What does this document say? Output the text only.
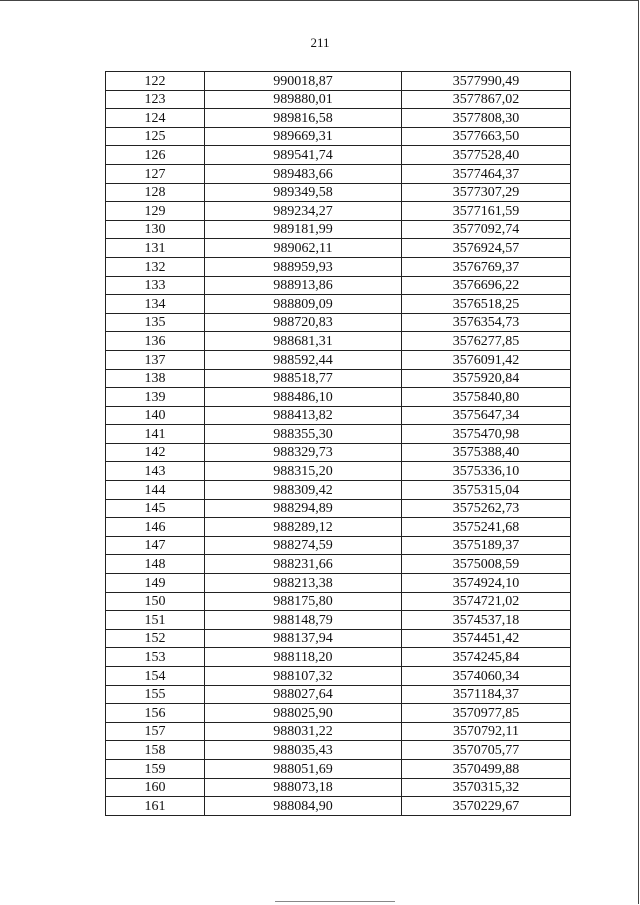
211
122	990018,87	3577990,49
123	989880,01	3577867,02
124	989816,58	3577808,30
125	989669,31	3577663,50
126	989541,74	3577528,40
127	989483,66	3577464,37
128	989349,58	3577307,29
129	989234,27	3577161,59
130	989181,99	3577092,74
131	989062,11	3576924,57
132	988959,93	3576769,37
133	988913,86	3576696,22
134	988809,09	3576518,25
135	988720,83	3576354,73
136	988681,31	3576277,85
137	988592,44	3576091,42
138	988518,77	3575920,84
139	988486,10	3575840,80
140	988413,82	3575647,34
141	988355,30	3575470,98
142	988329,73	3575388,40
143	988315,20	3575336,10
144	988309,42	3575315,04
145	988294,89	3575262,73
146	988289,12	3575241,68
147	988274,59	3575189,37
148	988231,66	3575008,59
149	988213,38	3574924,10
150	988175,80	3574721,02
151	988148,79	3574537,18
152	988137,94	3574451,42
153	988118,20	3574245,84
154	988107,32	3574060,34
155	988027,64	3571184,37
156	988025,90	3570977,85
157	988031,22	3570792,11
158	988035,43	3570705,77
159	988051,69	3570499,88
160	988073,18	3570315,32
161	988084,90	3570229,67
